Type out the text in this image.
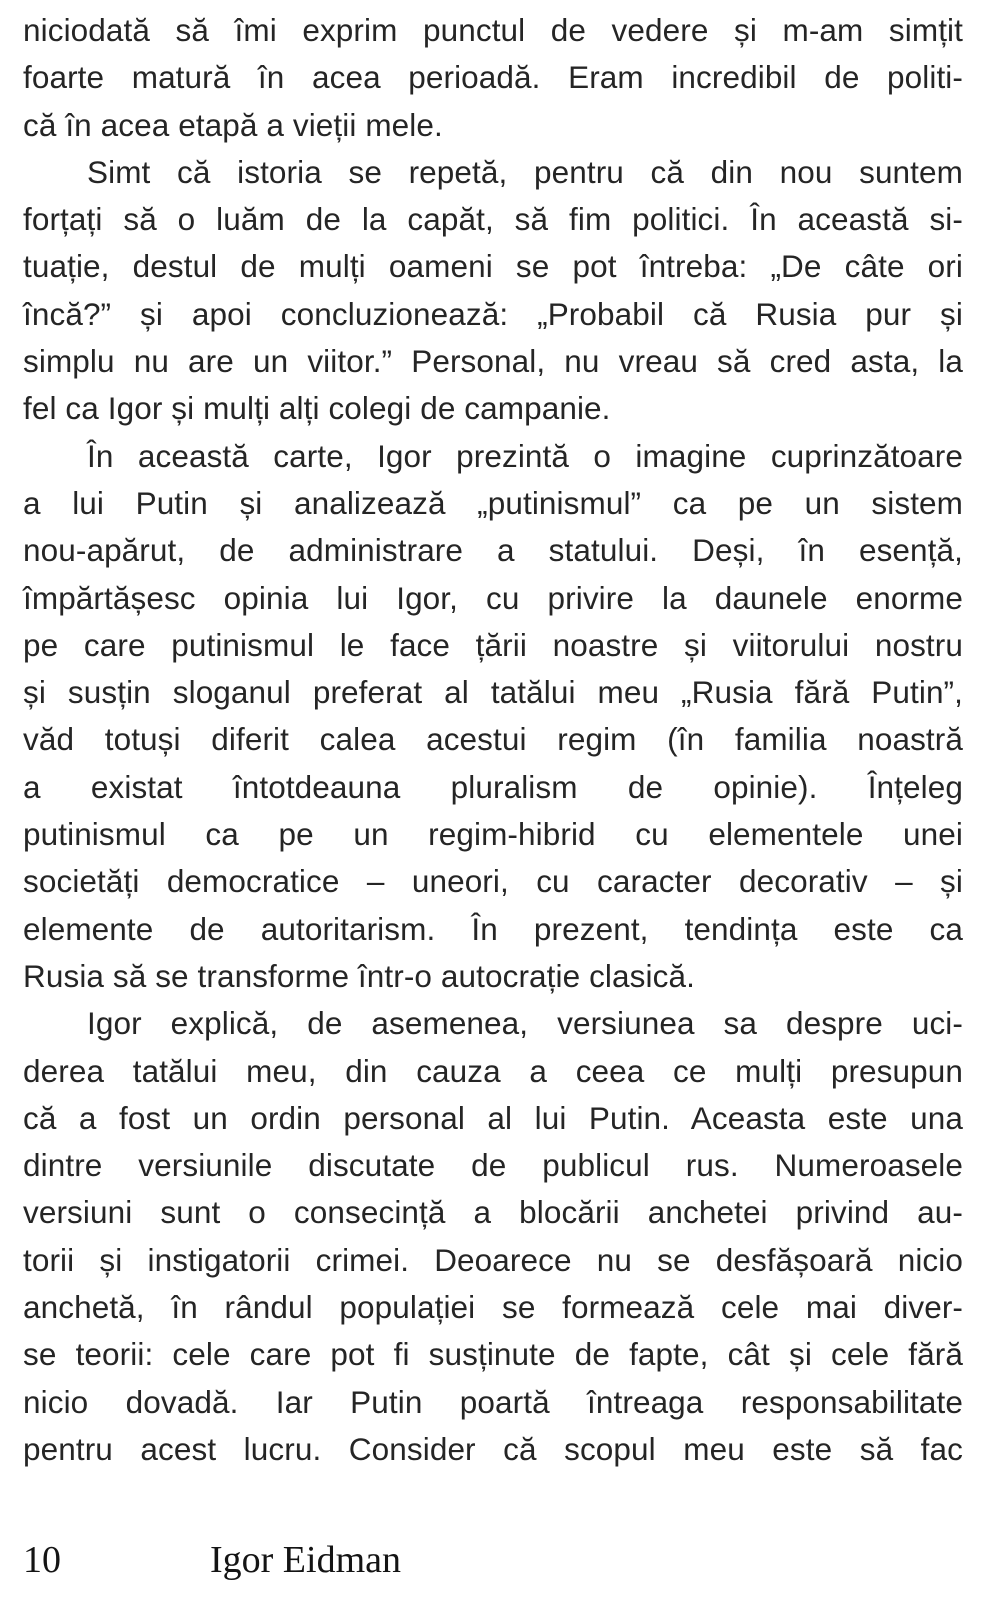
niciodată să îmi exprim punctul de vedere și m-am simțit

foarte matură în acea perioadă. Eram incredibil de politi-

că în acea etapă a vieții mele.

Simt că istoria se repetă, pentru că din nou suntem

forțați să o luăm de la capăt, să fim politici. În această si-

tuație, destul de mulți oameni se pot întreba: „De câte ori

încă?” și apoi concluzionează: „Probabil că Rusia pur și

simplu nu are un viitor.” Personal, nu vreau să cred asta, la

fel ca Igor și mulți alți colegi de campanie.

În această carte, Igor prezintă o imagine cuprinzătoare

a lui Putin și analizează „putinismul” ca pe un sistem

nou-apărut, de administrare a statului. Deși, în esență,

împărtășesc opinia lui Igor, cu privire la daunele enorme

pe care putinismul le face țării noastre și viitorului nostru

și susțin sloganul preferat al tatălui meu „Rusia fără Putin”,

văd totuși diferit calea acestui regim (în familia noastră

a existat întotdeauna pluralism de opinie). Înțeleg

putinismul ca pe un regim-hibrid cu elementele unei

societăți democratice – uneori, cu caracter decorativ – și

elemente de autoritarism. În prezent, tendința este ca

Rusia să se transforme într-o autocrație clasică.

Igor explică, de asemenea, versiunea sa despre uci-

derea tatălui meu, din cauza a ceea ce mulți presupun

că a fost un ordin personal al lui Putin. Aceasta este una

dintre versiunile discutate de publicul rus. Numeroasele

versiuni sunt o consecință a blocării anchetei privind au-

torii și instigatorii crimei. Deoarece nu se desfășoară nicio

anchetă, în rândul populației se formează cele mai diver-

se teorii: cele care pot fi susținute de fapte, cât și cele fără

nicio dovadă. Iar Putin poartă întreaga responsabilitate

pentru acest lucru. Consider că scopul meu este să fac

10	Igor Eidman
